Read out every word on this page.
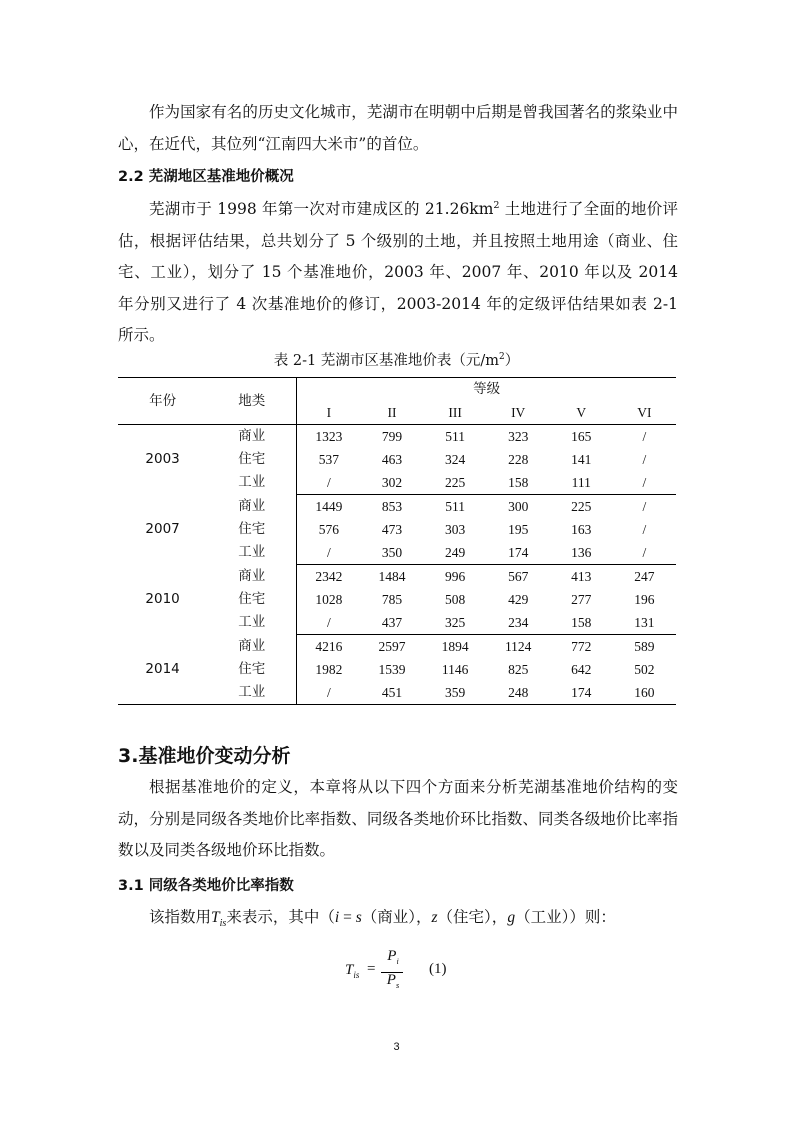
作为国家有名的历史文化城市，芜湖市在明朝中后期是曾我国著名的浆染业中心，在近代，其位列“江南四大米市”的首位。

2.2 芜湖地区基准地价概况

芜湖市于 1998 年第一次对市建成区的 $21.26km^2$ 土地进行了全面的地价评估，根据评估结果，总共划分了 5 个级别的土地，并且按照土地用途（商业、住宅、工业），划分了 15 个基准地价，2003 年、2007 年、2010 年以及 2014 年分别又进行了 4 次基准地价的修订，2003-2014 年的定级评估结果如表 2-1 所示。

表 2-1 芜湖市区基准地价表（元$/m^2$）

年份	地类	等级					
		I	II	III	IV	V	VI
2003	商业	1323	799	511	323	165	/
	住宅	537	463	324	228	141	/
	工业	/	302	225	158	111	/
2007	商业	1449	853	511	300	225	/
	住宅	576	473	303	195	163	/
	工业	/	350	249	174	136	/
2010	商业	2342	1484	996	567	413	247
	住宅	1028	785	508	429	277	196
	工业	/	437	325	234	158	131
2014	商业	4216	2597	1894	1124	772	589
	住宅	1982	1539	1146	825	642	502
	工业	/	451	359	248	174	160

3.基准地价变动分析

根据基准地价的定义，本章将从以下四个方面来分析芜湖基准地价结构的变动，分别是同级各类地价比率指数、同级各类地价环比指数、同类各级地价比率指数以及同类各级地价环比指数。

3.1 同级各类地价比率指数

该指数用$T_{is}$来表示，其中（i = s（商业），z（住宅），g（工业））则：

$T_{is}$ =
$P_i$
$P_s$
(1)

3
